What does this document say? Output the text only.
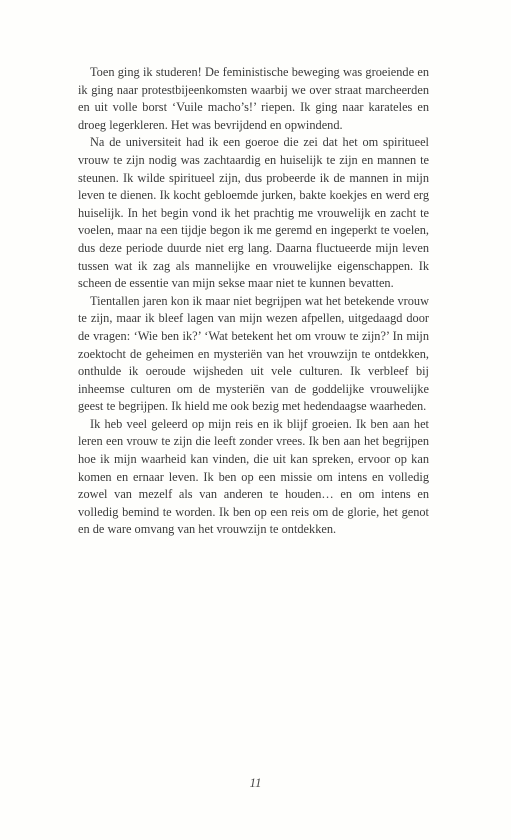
Toen ging ik studeren! De feministische beweging was groeiende en ik ging naar protestbijeenkomsten waarbij we over straat marcheerden en uit volle borst ‘Vuile macho’s!’ riepen. Ik ging naar karateles en droeg legerkleren. Het was bevrijdend en opwindend.

Na de universiteit had ik een goeroe die zei dat het om spiritueel vrouw te zijn nodig was zachtaardig en huiselijk te zijn en mannen te steunen. Ik wilde spiritueel zijn, dus probeerde ik de mannen in mijn leven te dienen. Ik kocht gebloemde jurken, bakte koekjes en werd erg huiselijk. In het begin vond ik het prachtig me vrouwelijk en zacht te voelen, maar na een tijdje begon ik me geremd en ingeperkt te voelen, dus deze periode duurde niet erg lang. Daarna fluctueerde mijn leven tussen wat ik zag als mannelijke en vrouwelijke eigenschappen. Ik scheen de essentie van mijn sekse maar niet te kunnen bevatten.

Tientallen jaren kon ik maar niet begrijpen wat het betekende vrouw te zijn, maar ik bleef lagen van mijn wezen afpellen, uitgedaagd door de vragen: ‘Wie ben ik?’ ‘Wat betekent het om vrouw te zijn?’ In mijn zoektocht de geheimen en mysteriën van het vrouwzijn te ontdekken, onthulde ik oeroude wijsheden uit vele culturen. Ik verbleef bij inheemse culturen om de mysteriën van de goddelijke vrouwelijke geest te begrijpen. Ik hield me ook bezig met hedendaagse waarheden.

Ik heb veel geleerd op mijn reis en ik blijf groeien. Ik ben aan het leren een vrouw te zijn die leeft zonder vrees. Ik ben aan het begrijpen hoe ik mijn waarheid kan vinden, die uit kan spreken, ervoor op kan komen en ernaar leven. Ik ben op een missie om intens en volledig zowel van mezelf als van anderen te houden… en om intens en volledig bemind te worden. Ik ben op een reis om de glorie, het genot en de ware omvang van het vrouwzijn te ontdekken.

11
